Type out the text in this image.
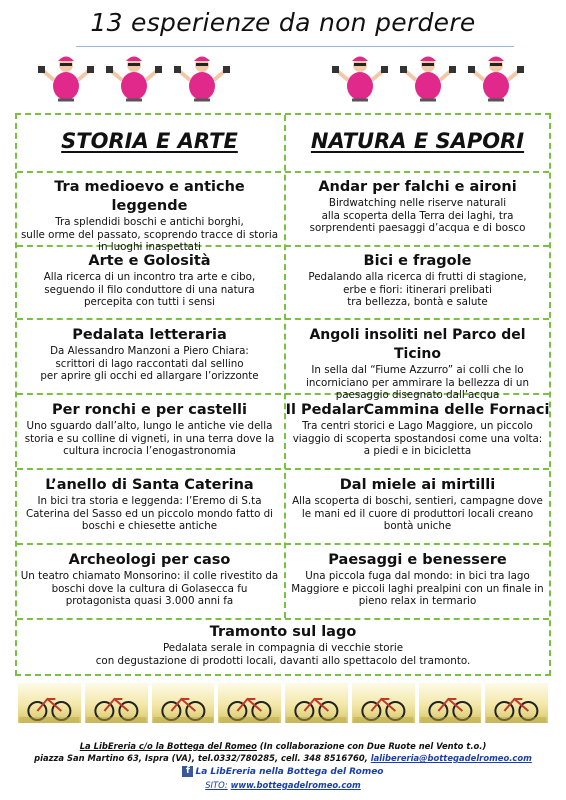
13 esperienze da non perdere
STORIA E ARTE	NATURA E SAPORI
Tra medioevo e antiche leggende

Tra splendidi boschi e antichi borghi,
sulle orme del passato, scoprendo tracce di storia
in luoghi inaspettati

Arte e Golosità

Alla ricerca di un incontro tra arte e cibo,
seguendo il filo conduttore di una natura
percepita con tutti i sensi

Pedalata letteraria

Da Alessandro Manzoni a Piero Chiara:
scrittori di lago raccontati dal sellino
per aprire gli occhi ed allargare l’orizzonte

Per ronchi e per castelli

Uno sguardo dall’alto, lungo le antiche vie della
storia e su colline di vigneti, in una terra dove la
cultura incrocia l’enogastronomia

L’anello di Santa Caterina

In bici tra storia e leggenda: l’Eremo di S.ta
Caterina del Sasso ed un piccolo mondo fatto di
boschi e chiesette antiche

Archeologi per caso

Un teatro chiamato Monsorino: il colle rivestito da
boschi dove la cultura di Golasecca fu
protagonista quasi 3.000 anni fa

Andar per falchi e aironi

Birdwatching nelle riserve naturali
alla scoperta della Terra dei laghi, tra
sorprendenti paesaggi d’acqua e di bosco

Bici e fragole

Pedalando alla ricerca di frutti di stagione,
erbe e fiori: itinerari prelibati
tra bellezza, bontà e salute

Angoli insoliti nel Parco del Ticino

In sella dal “Fiume Azzurro” ai colli che lo
incorniciano per ammirare la bellezza di un
paesaggio disegnato dall’acqua

Il PedalarCammina delle Fornaci

Tra centri storici e Lago Maggiore, un piccolo
viaggio di scoperta spostandosi come una volta:
a piedi e in bicicletta

Dal miele ai mirtilli

Alla scoperta di boschi, sentieri, campagne dove
le mani ed il cuore di produttori locali creano
bontà uniche

Paesaggi e benessere

Una piccola fuga dal mondo: in bici tra lago
Maggiore e piccoli laghi prealpini con un finale in
pieno relax in termario

Tramonto sul lago

Pedalata serale in compagnia di vecchie storie
con degustazione di prodotti locali, davanti allo spettacolo del tramonto.

La LibEreria c/o la Bottega del Romeo (In collaborazione con Due Ruote nel Vento t.o.)
piazza San Martino 63, Ispra (VA), tel.0332/780285, cell. 348 8516760, lalibereria@bottegadelromeo.com
f La LibEreria nella Bottega del Romeo
SITO: www.bottegadelromeo.com
